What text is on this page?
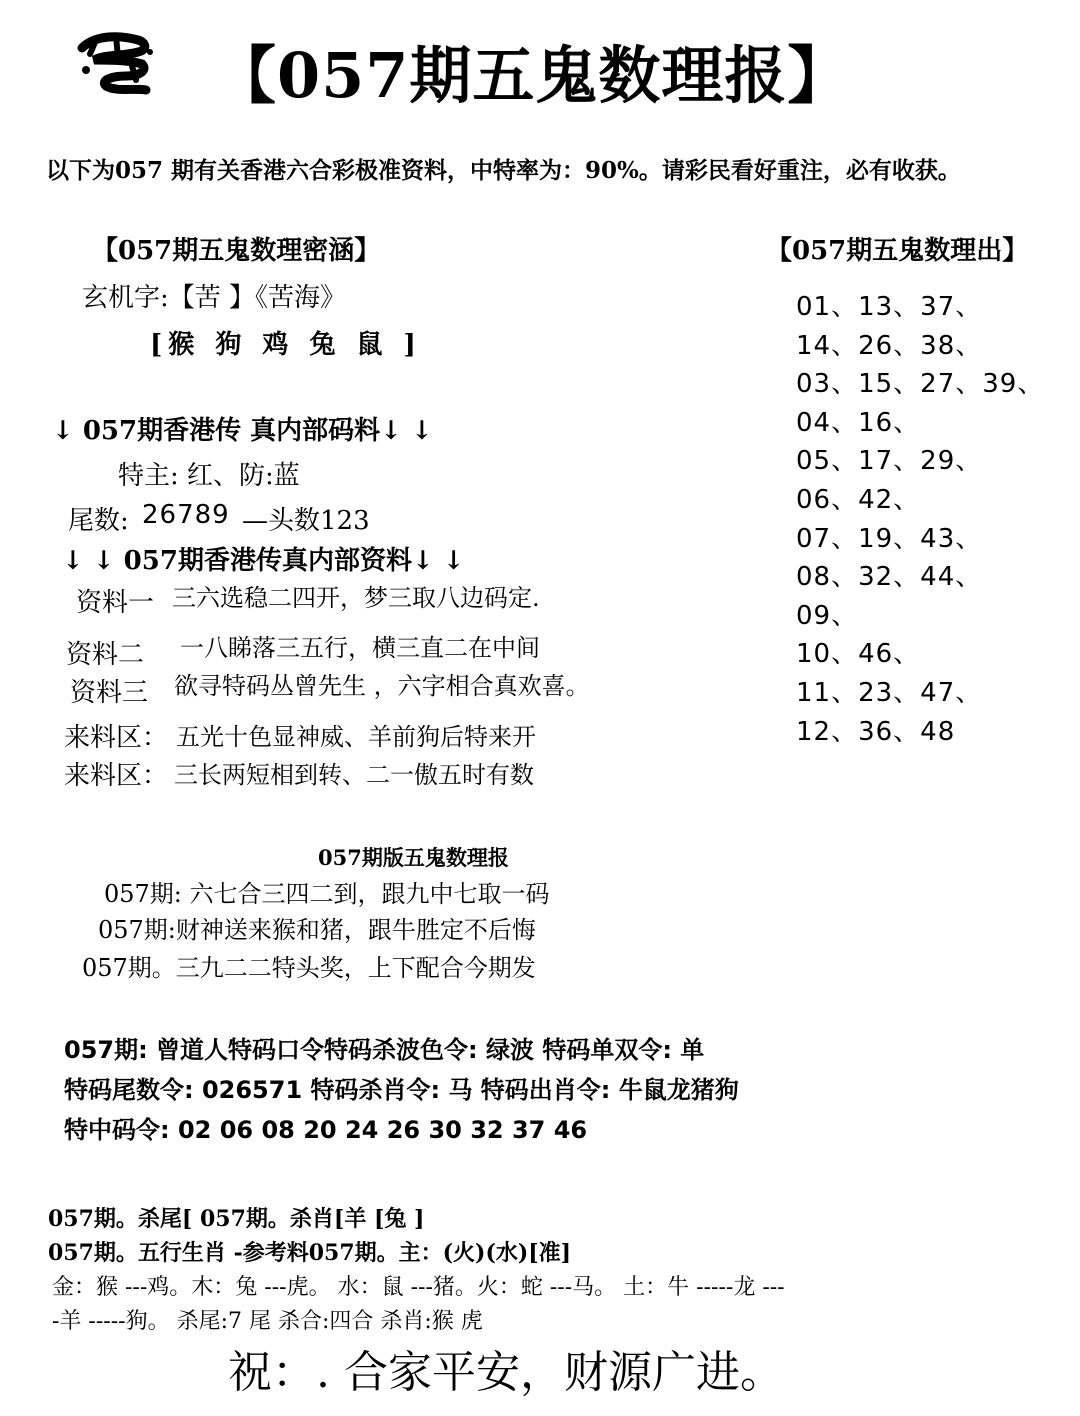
【057期五鬼数理报】
以下为057 期有关香港六合彩极准资料，中特率为：90%。请彩民看好重注，必有收获。
【057期五鬼数理密涵】
玄机字:【苦 】《苦海》
[猴 狗 鸡 兔 鼠 ]
↓ 057期香港传 真内部码料↓ ↓
特主: 红、防:蓝
尾数: 26789 —头数123
↓ ↓ 057期香港传真内部资料↓ ↓
资料一 三六选稳二四开，梦三取八边码定.
资料二 一八睇落三五行，横三直二在中间
资料三 欲寻特码丛曾先生 ，六字相合真欢喜。
来料区： 五光十色显神威、羊前狗后特来开
来料区： 三长两短相到转、二一傲五时有数
【057期五鬼数理出】
01、13、37、
14、26、38、
03、15、27、39、
04、16、
05、17、29、
06、42、
07、19、43、
08、32、44、
09、
10、46、
11、23、47、
12、36、48
057期版五鬼数理报
057期: 六七合三四二到，跟九中七取一码
057期:财神送来猴和猪，跟牛胜定不后悔
057期。三九二二特头奖，上下配合今期发
057期: 曾道人特码口令特码杀波色令: 绿波 特码单双令: 单
特码尾数令: 026571 特码杀肖令: 马 特码出肖令: 牛鼠龙猪狗
特中码令: 02 06 08 20 24 26 30 32 37 46
057期。杀尾[ 057期。杀肖[羊 [兔 ]
057期。五行生肖 -参考料057期。主：(火)(水)[准]
金：猴 ---鸡。木：兔 ---虎。 水：鼠 ---猪。火：蛇 ---马。 土：牛 -----龙 ---
-羊 -----狗。 杀尾:7 尾 杀合:四合 杀肖:猴 虎
祝：. 合家平安，财源广进。
